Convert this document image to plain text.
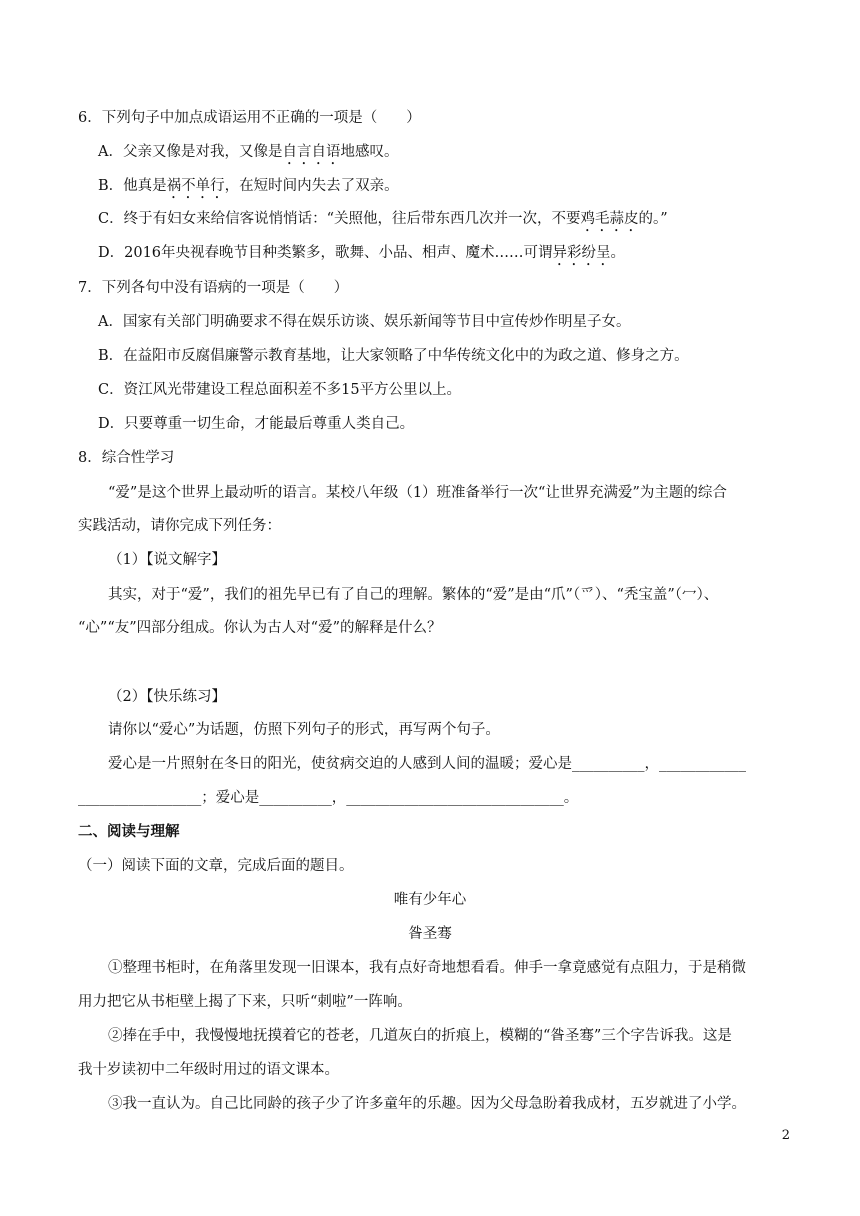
6．下列句子中加点成语运用不正确的一项是（　　）
A．父亲又像是对我，又像是自言自语地感叹。
B．他真是祸不单行，在短时间内失去了双亲。
C．终于有妇女来给信客说悄悄话：“关照他，往后带东西几次并一次，不要鸡毛蒜皮的。”
D．2016年央视春晚节目种类繁多，歌舞、小品、相声、魔术……可谓异彩纷呈。
7．下列各句中没有语病的一项是（　　）
A．国家有关部门明确要求不得在娱乐访谈、娱乐新闻等节目中宣传炒作明星子女。
B．在益阳市反腐倡廉警示教育基地，让大家领略了中华传统文化中的为政之道、修身之方。
C．资江风光带建设工程总面积差不多15平方公里以上。
D．只要尊重一切生命，才能最后尊重人类自己。
8．综合性学习
“爱”是这个世界上最动听的语言。某校八年级（1）班准备举行一次“让世界充满爱”为主题的综合
实践活动，请你完成下列任务：
（1）【说文解字】
其实，对于“爱”，我们的祖先早已有了自己的理解。繁体的“爱”是由“爪”（爫）、“秃宝盖”（冖）、
“心”“友”四部分组成。你认为古人对“爱”的解释是什么？
（2）【快乐练习】
请你以“爱心”为话题，仿照下列句子的形式，再写两个句子。
爱心是一片照射在冬日的阳光，使贫病交迫的人感到人间的温暖；爱心是__________，____________
_________________；爱心是__________，______________________________。
二、阅读与理解
（一）阅读下面的文章，完成后面的题目。
唯有少年心
昝圣骞
①整理书柜时，在角落里发现一旧课本，我有点好奇地想看看。伸手一拿竟感觉有点阻力，于是稍微
用力把它从书柜壁上揭了下来，只听“刺啦”一阵响。
②捧在手中，我慢慢地抚摸着它的苍老，几道灰白的折痕上，模糊的“昝圣骞”三个字告诉我。这是
我十岁读初中二年级时用过的语文课本。
③我一直认为。自己比同龄的孩子少了许多童年的乐趣。因为父母急盼着我成材，五岁就进了小学。
2
